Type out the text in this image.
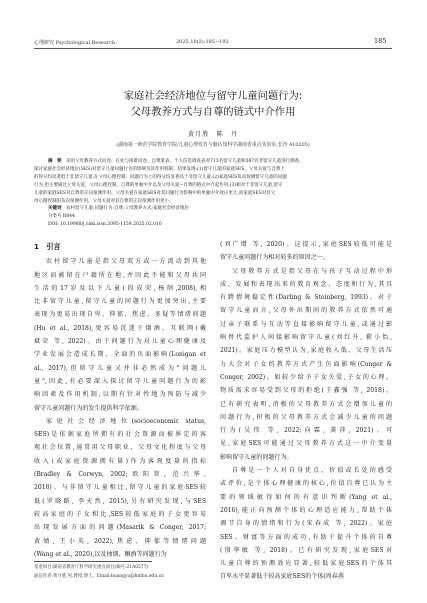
心理研究 Psychological Research	2025,18(2):185−192	185
家庭社会经济地位与留守儿童问题行为:
父母教养方式与自尊的链式中介作用
黄月胜　陈　丹
(湖南第一师范学院教育学院/儿童心理发育与脑认知科学湖南省重点实验室,长沙 410205)

摘　要　 采用父母教养方式问卷、长处与困难问卷、自尊量表、个人信息调查表对713名留守儿童和387名非留守儿童进行测查,

探讨家庭社会经济地位(SES)对留守儿童问题行为的影响及其作用机制。结果发现:(1)留守儿童的家庭SES、父母关爱与自尊上

的得分均显著低于非留守儿童,在父母心理控制、问题行为上的得分均显著高于非留守儿童;(2)家庭SES负向预测留守儿童的问题

行为,但主要通过父母关爱、父母心理控制、自尊的单独中介以及父母关爱−自尊的链式中介起作用;(3)相对于非留守儿童,留守

儿童的家庭SES对自尊的正向预测作用、父母关爱在家庭SES对其问题行为影响中的单独中介效应更大,而家庭SES对其父

母心理控制的负向预测作用、父母关爱对其自尊的正向预测作用更小。

关键词　 农村留守儿童;问题行为;自尊;父母教养方式;家庭社会经济地位

分类号 B844

DOI: 10.19988/j.cnki.issn.2095-1159.2025.02.010

1　引言

农村留守儿童是指父母双方或一方流动到其他

地区而被留在户籍所在地,并因此不能和父母共同

生活的17岁及以下儿童(段成荣,杨舸,2008),相

比非留守儿童,留守儿童的问题行为更加突出,主要

表现为更易出现自卑、抑郁、焦虑、多疑等情绪问题

(Hu et al., 2018),更容易沉迷于烟酒、互联网(戴

斌荣 等, 2022)。由于问题行为对儿童心理健康及

学业发展会造成长期、全面的负面影响(Lonigan et

al., 2017),但留守儿童又并非必然成为"问题儿

童",因此,有必要深入探讨留守儿童问题行为的影

响因素及作用机制,以期有针对性地为预防与减少

留守儿童问题行为的发生提供科学依据。

家庭社会经济地位(socioeconomic status,

SES)是依据家庭所拥有的社会资源而被界定的客

观社会位置,通常用父母职业、父母文化程度与父母

收入(或家庭资源拥有量)作为客观度量的指标

(Bradley & Corwyn, 2002;欧阳智, 范兴华,

2018)。与非留守儿童相比,留守儿童的家庭SES较

低(罗晓路, 李天然, 2015),另有研究发现,与SES

较高家庭的子女相比,SES较低家庭的子女更容易

出现发展方面的问题(Masarik & Conger, 2017;

黄婧, 王小英, 2022),焦虑、抑郁等情绪问题

(Wang et al., 2020),以及抽烟、酗酒等问题行为

(刘广增 等, 2020)。这提示,家庭SES较低可能是

留守儿童问题行为相对较多的原因之一。

父母教养方式是指父母在与孩子互动过程中形

成、发展和表现出来的教育观念、态度和行为,其具

有跨情境稳定性(Darling & Steinberg, 1993)。对于

留守儿童而言,父母外出期间的教养方式依然可通

过亲子联系与互动等直接影响留守儿童,或通过影

响替代监护人间接影响留守儿童(刘红升, 靳小怡,

2021)。家庭压力模型认为,家庭收入低、父母生活压

力大会对子女的教养方式产生负面影响(Conger &

Conger, 2002)。如较少给予子女关爱,子女的心理、

物质需求容易受到父母的拒绝(王鑫强 等, 2018)。

已有研究表明,消极的父母教养方式会增加儿童的

问题行为,积极的父母教养方式会减少儿童的问题

行为(吴伟 等, 2022;向霖, 龚萍, 2021)。可

见,家庭SES可能通过父母教养方式这一中介变量

影响留守儿童的问题行为。

自尊是一个人对自身优点、价值或长处的感受

或评价,是个体心理健康的核心,价值自尊已认为主

要的领域敏得如何的有意识判断(Yang et al.,

2016),能正向预测个体的心理适应能力,帮助个体

调节自身的情绪和行为(宋春成 等, 2022)。家庭

SES、财富等方面的成功,有助于提升个体的自尊

(殷华敏 等, 2018)。已有研究发现,家庭SES对

儿童自尊的预测效应显著,较低家庭SES的个体其

自卑水平显著低于较高家庭SES的个体(周春燕

基金项目:湖南省教育厅科学研究重点项目(编号:21A0577)
通信作者:黄月胜,男,教授,博士。Email:huangyu@hnfnu.edu.cn
